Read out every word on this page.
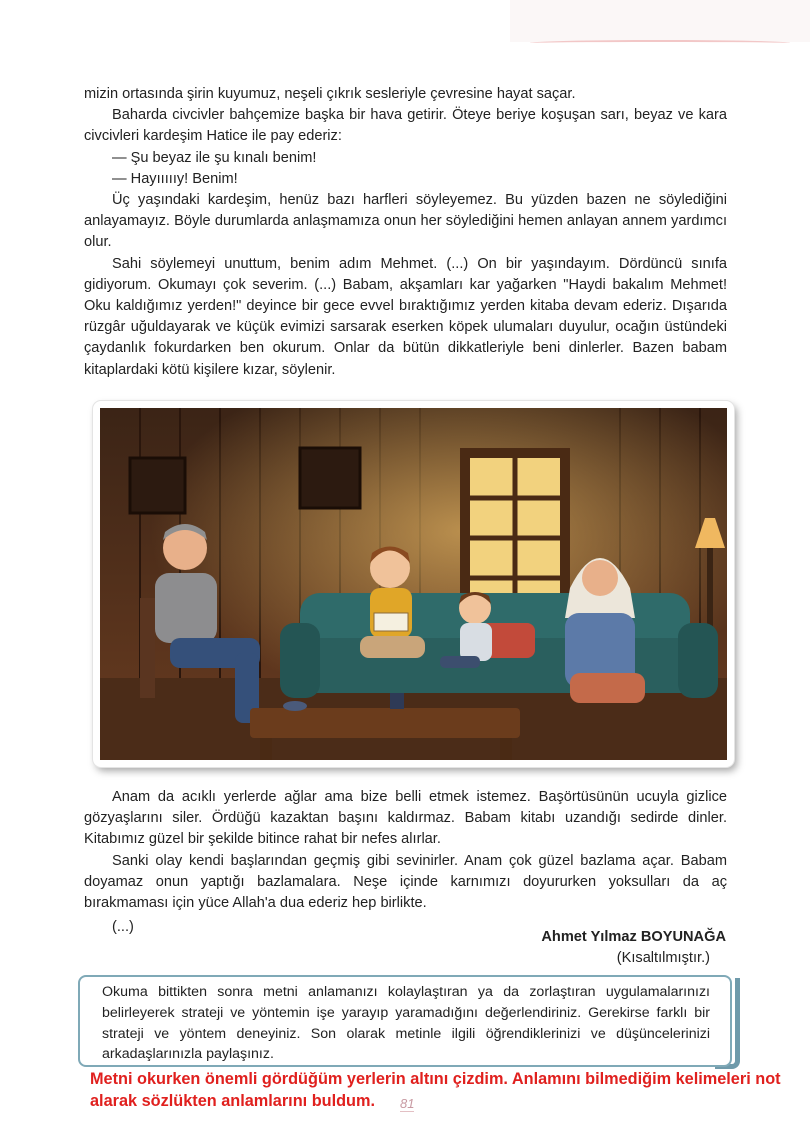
mizin ortasında şirin kuyumuz, neşeli çıkrık sesleriyle çevresine hayat saçar.

Baharda civcivler bahçemize başka bir hava getirir. Öteye beriye koşuşan sarı, beyaz ve kara civcivleri kardeşim Hatice ile pay ederiz:

— Şu beyaz ile şu kınalı benim!

— Hayıııııy! Benim!

Üç yaşındaki kardeşim, henüz bazı harfleri söyleyemez. Bu yüzden bazen ne söylediğini anlayamayız. Böyle durumlarda anlaşmamıza onun her söylediğini hemen anlayan annem yardımcı olur.

Sahi söylemeyi unuttum, benim adım Mehmet. (...) On bir yaşındayım. Dördüncü sınıfa gidiyorum. Okumayı çok severim. (...) Babam, akşamları kar yağarken "Haydi bakalım Mehmet! Oku kaldığımız yerden!" deyince bir gece evvel bıraktığımız yerden kitaba devam ederiz. Dışarıda rüzgâr uğuldayarak ve küçük evimizi sarsarak eserken köpek ulumaları duyulur, ocağın üstündeki çaydanlık fokurdarken ben okurum. Onlar da bütün dikkatleriyle beni dinlerler. Bazen babam kitaplardaki kötü kişilere kızar, söylenir.

Anam da acıklı yerlerde ağlar ama bize belli etmek istemez. Başörtüsünün ucuyla gizlice gözyaşlarını siler. Ördüğü kazaktan başını kaldırmaz. Babam kitabı uzandığı sedirde dinler. Kitabımız güzel bir şekilde bitince rahat bir nefes alırlar.

Sanki olay kendi başlarından geçmiş gibi sevinirler. Anam çok güzel bazlama açar. Babam doyamaz onun yaptığı bazlamalara. Neşe içinde karnımızı doyururken yoksulları da aç bırakmaması için yüce Allah'a dua ederiz hep birlikte.

(...)
Ahmet Yılmaz BOYUNAĞA
(Kısaltılmıştır.)
Okuma bittikten sonra metni anlamanızı kolaylaştıran ya da zorlaştıran uygulamalarınızı belirleyerek strateji ve yöntemin işe yarayıp yaramadığını değerlendiriniz. Gerekirse farklı bir strateji ve yöntem deneyiniz. Son olarak metinle ilgili öğrendiklerinizi ve düşüncelerinizi arkadaşlarınızla paylaşınız.
Metni okurken önemli gördüğüm yerlerin altını çizdim. Anlamını bilmediğim kelimeleri not alarak sözlükten anlamlarını buldum.	81
